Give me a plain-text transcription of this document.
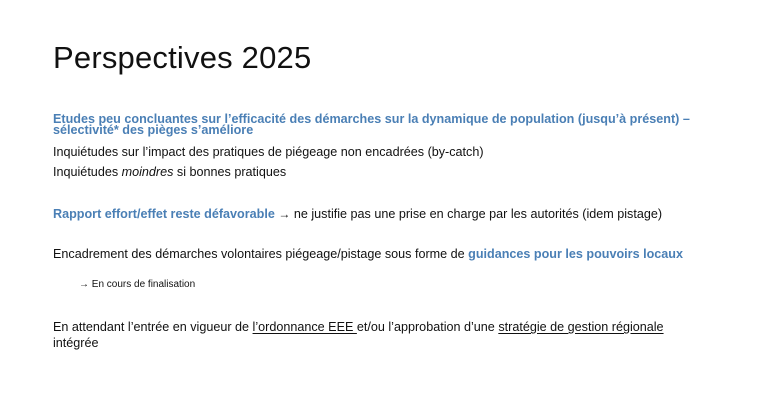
Perspectives 2025
Etudes peu concluantes sur l’efficacité des démarches sur la dynamique de population (jusqu’à présent) –
sélectivité* des pièges s’améliore
Inquiétudes sur l’impact des pratiques de piégeage non encadrées (by-catch)
Inquiétudes moindres si bonnes pratiques
Rapport effort/effet reste défavorable → ne justifie pas une prise en charge par les autorités (idem pistage)
Encadrement des démarches volontaires piégeage/pistage sous forme de guidances pour les pouvoirs locaux
→ En cours de finalisation
En attendant l’entrée en vigueur de l’ordonnance EEE et/ou l’approbation d’une stratégie de gestion régionale
intégrée
